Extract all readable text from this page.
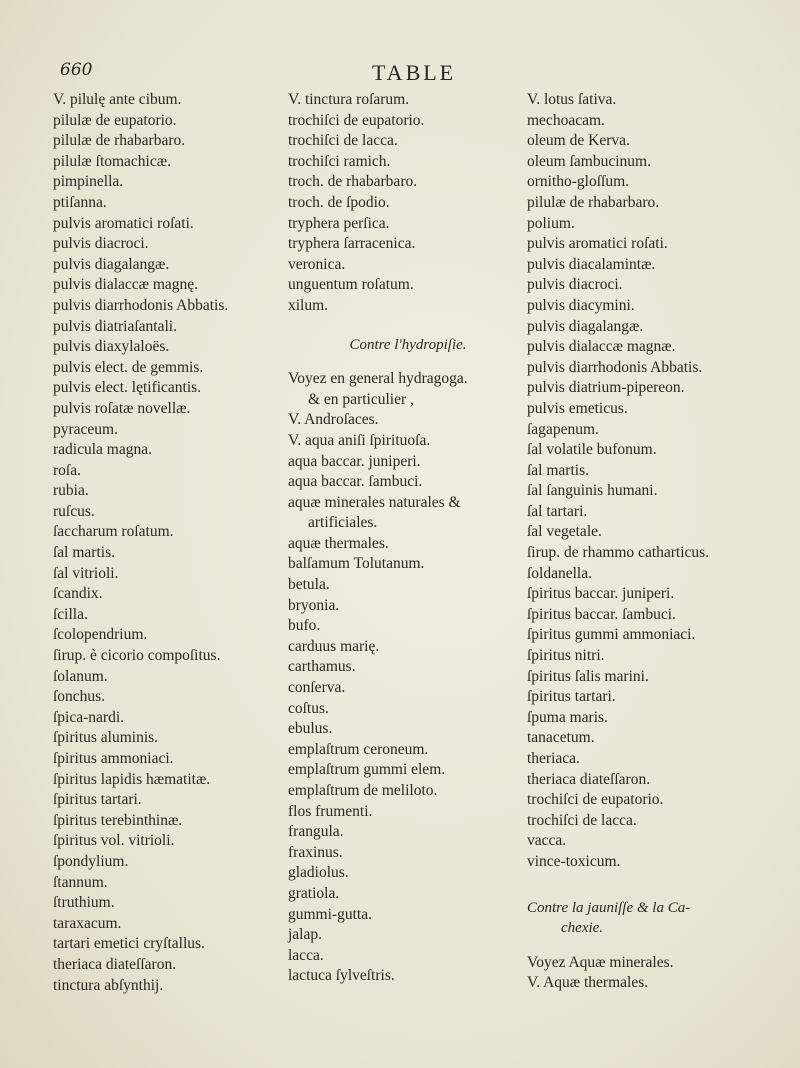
660	TABLE
V. pilulę ante cibum.
pilulæ de eupatorio.
pilulæ de rhabarbaro.
pilulæ ſtomachicæ.
pimpinella.
ptiſanna.
pulvis aromatici roſati.
pulvis diacroci.
pulvis diagalangæ.
pulvis dialaccæ magnę.
pulvis diarrhodonis Abbatis.
pulvis diatriaſantali.
pulvis diaxylaloës.
pulvis elect. de gemmis.
pulvis elect. lętificantis.
pulvis roſatæ novellæ.
pyraceum.
radicula magna.
roſa.
rubia.
ruſcus.
ſaccharum roſatum.
ſal martis.
ſal vitrioli.
ſcandix.
ſcilla.
ſcolopendrium.
ſirup. è cicorio compoſitus.
ſolanum.
ſonchus.
ſpica-nardi.
ſpiritus aluminis.
ſpiritus ammoniaci.
ſpiritus lapidis hæmatitæ.
ſpiritus tartari.
ſpiritus terebinthinæ.
ſpiritus vol. vitrioli.
ſpondylium.
ſtannum.
ſtruthium.
taraxacum.
tartari emetici cryſtallus.
theriaca diateſſaron.
tinctura abſynthij.
V. tinctura roſarum.
trochiſci de eupatorio.
trochiſci de lacca.
trochiſci ramich.
troch. de rhabarbaro.
troch. de ſpodio.
tryphera perſica.
tryphera ſarracenica.
veronica.
unguentum roſatum.
xilum.
Contre l'hydropiſie.
Voyez en general hydragoga.
& en particulier ,
V. Androſaces.
V. aqua aniſi ſpirituoſa.
aqua baccar. juniperi.
aqua baccar. ſambuci.
aquæ minerales naturales &
artificiales.
aquæ thermales.
balſamum Tolutanum.
betula.
bryonia.
bufo.
carduus marię.
carthamus.
conſerva.
coſtus.
ebulus.
emplaſtrum ceroneum.
emplaſtrum gummi elem.
emplaſtrum de meliloto.
flos frumenti.
frangula.
fraxinus.
gladiolus.
gratiola.
gummi-gutta.
jalap.
lacca.
lactuca ſylveſtris.
V. lotus ſativa.
mechoacam.
oleum de Kerva.
oleum ſambucinum.
ornitho-gloſſum.
pilulæ de rhabarbaro.
polium.
pulvis aromatici roſati.
pulvis diacalamintæ.
pulvis diacroci.
pulvis diacymini.
pulvis diagalangæ.
pulvis dialaccæ magnæ.
pulvis diarrhodonis Abbatis.
pulvis diatrium-pipereon.
pulvis emeticus.
ſagapenum.
ſal volatile bufonum.
ſal martis.
ſal ſanguinis humani.
ſal tartari.
ſal vegetale.
ſirup. de rhammo catharticus.
ſoldanella.
ſpiritus baccar. juniperi.
ſpiritus baccar. ſambuci.
ſpiritus gummi ammoniaci.
ſpiritus nitri.
ſpiritus ſalis marini.
ſpiritus tartari.
ſpuma maris.
tanacetum.
theriaca.
theriaca diateſſaron.
trochiſci de eupatorio.
trochiſci de lacca.
vacca.
vince-toxicum.
Contre la jauniſſe & la Ca-
chexie.
Voyez Aquæ minerales.
V. Aquæ thermales.
